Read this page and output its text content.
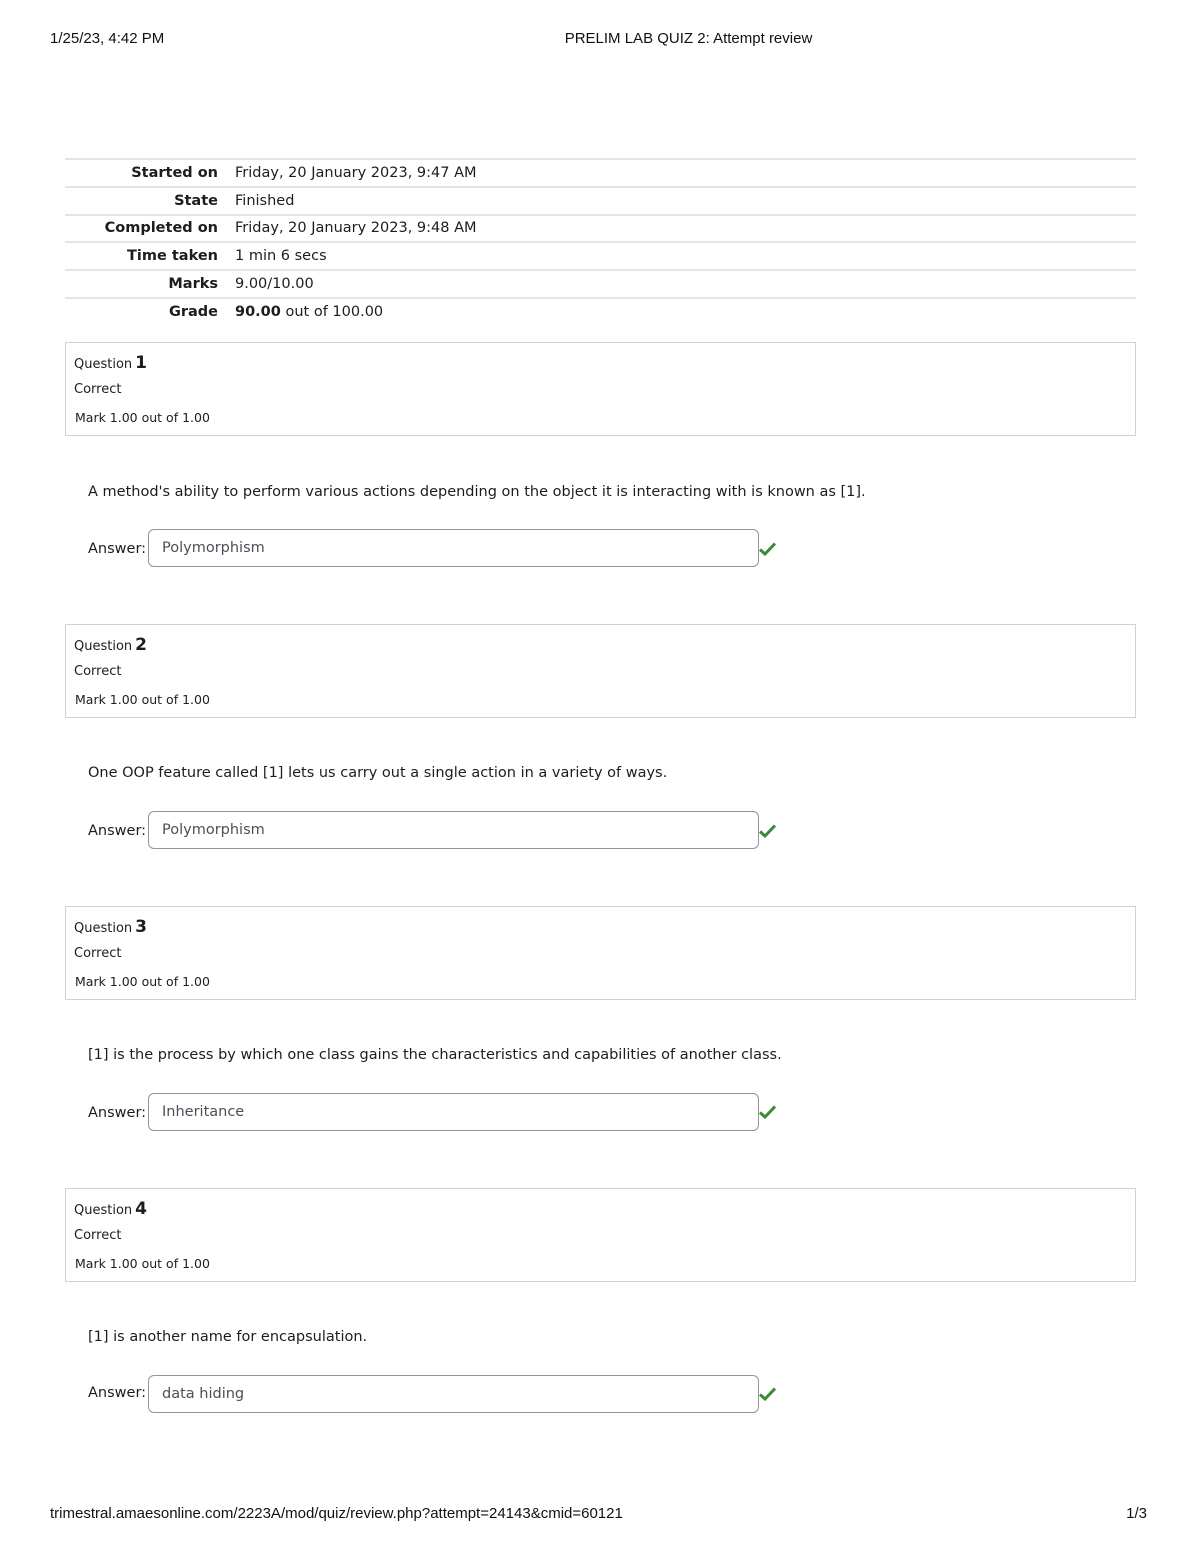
1/25/23, 4:42 PM	PRELIM LAB QUIZ 2: Attempt review
Started on	Friday, 20 January 2023, 9:47 AM
State	Finished
Completed on	Friday, 20 January 2023, 9:48 AM
Time taken	1 min 6 secs
Marks	9.00/10.00
Grade	90.00 out of 100.00
Question 1
Correct
Mark 1.00 out of 1.00
A method's ability to perform various actions depending on the object it is interacting with is known as [1].
Answer:	Polymorphism
Question 2
Correct
Mark 1.00 out of 1.00
One OOP feature called [1] lets us carry out a single action in a variety of ways.
Answer:	Polymorphism
Question 3
Correct
Mark 1.00 out of 1.00
[1] is the process by which one class gains the characteristics and capabilities of another class.
Answer:	Inheritance
Question 4
Correct
Mark 1.00 out of 1.00
[1] is another name for encapsulation.
Answer:	data hiding
trimestral.amaesonline.com/2223A/mod/quiz/review.php?attempt=24143&cmid=60121	1/3
